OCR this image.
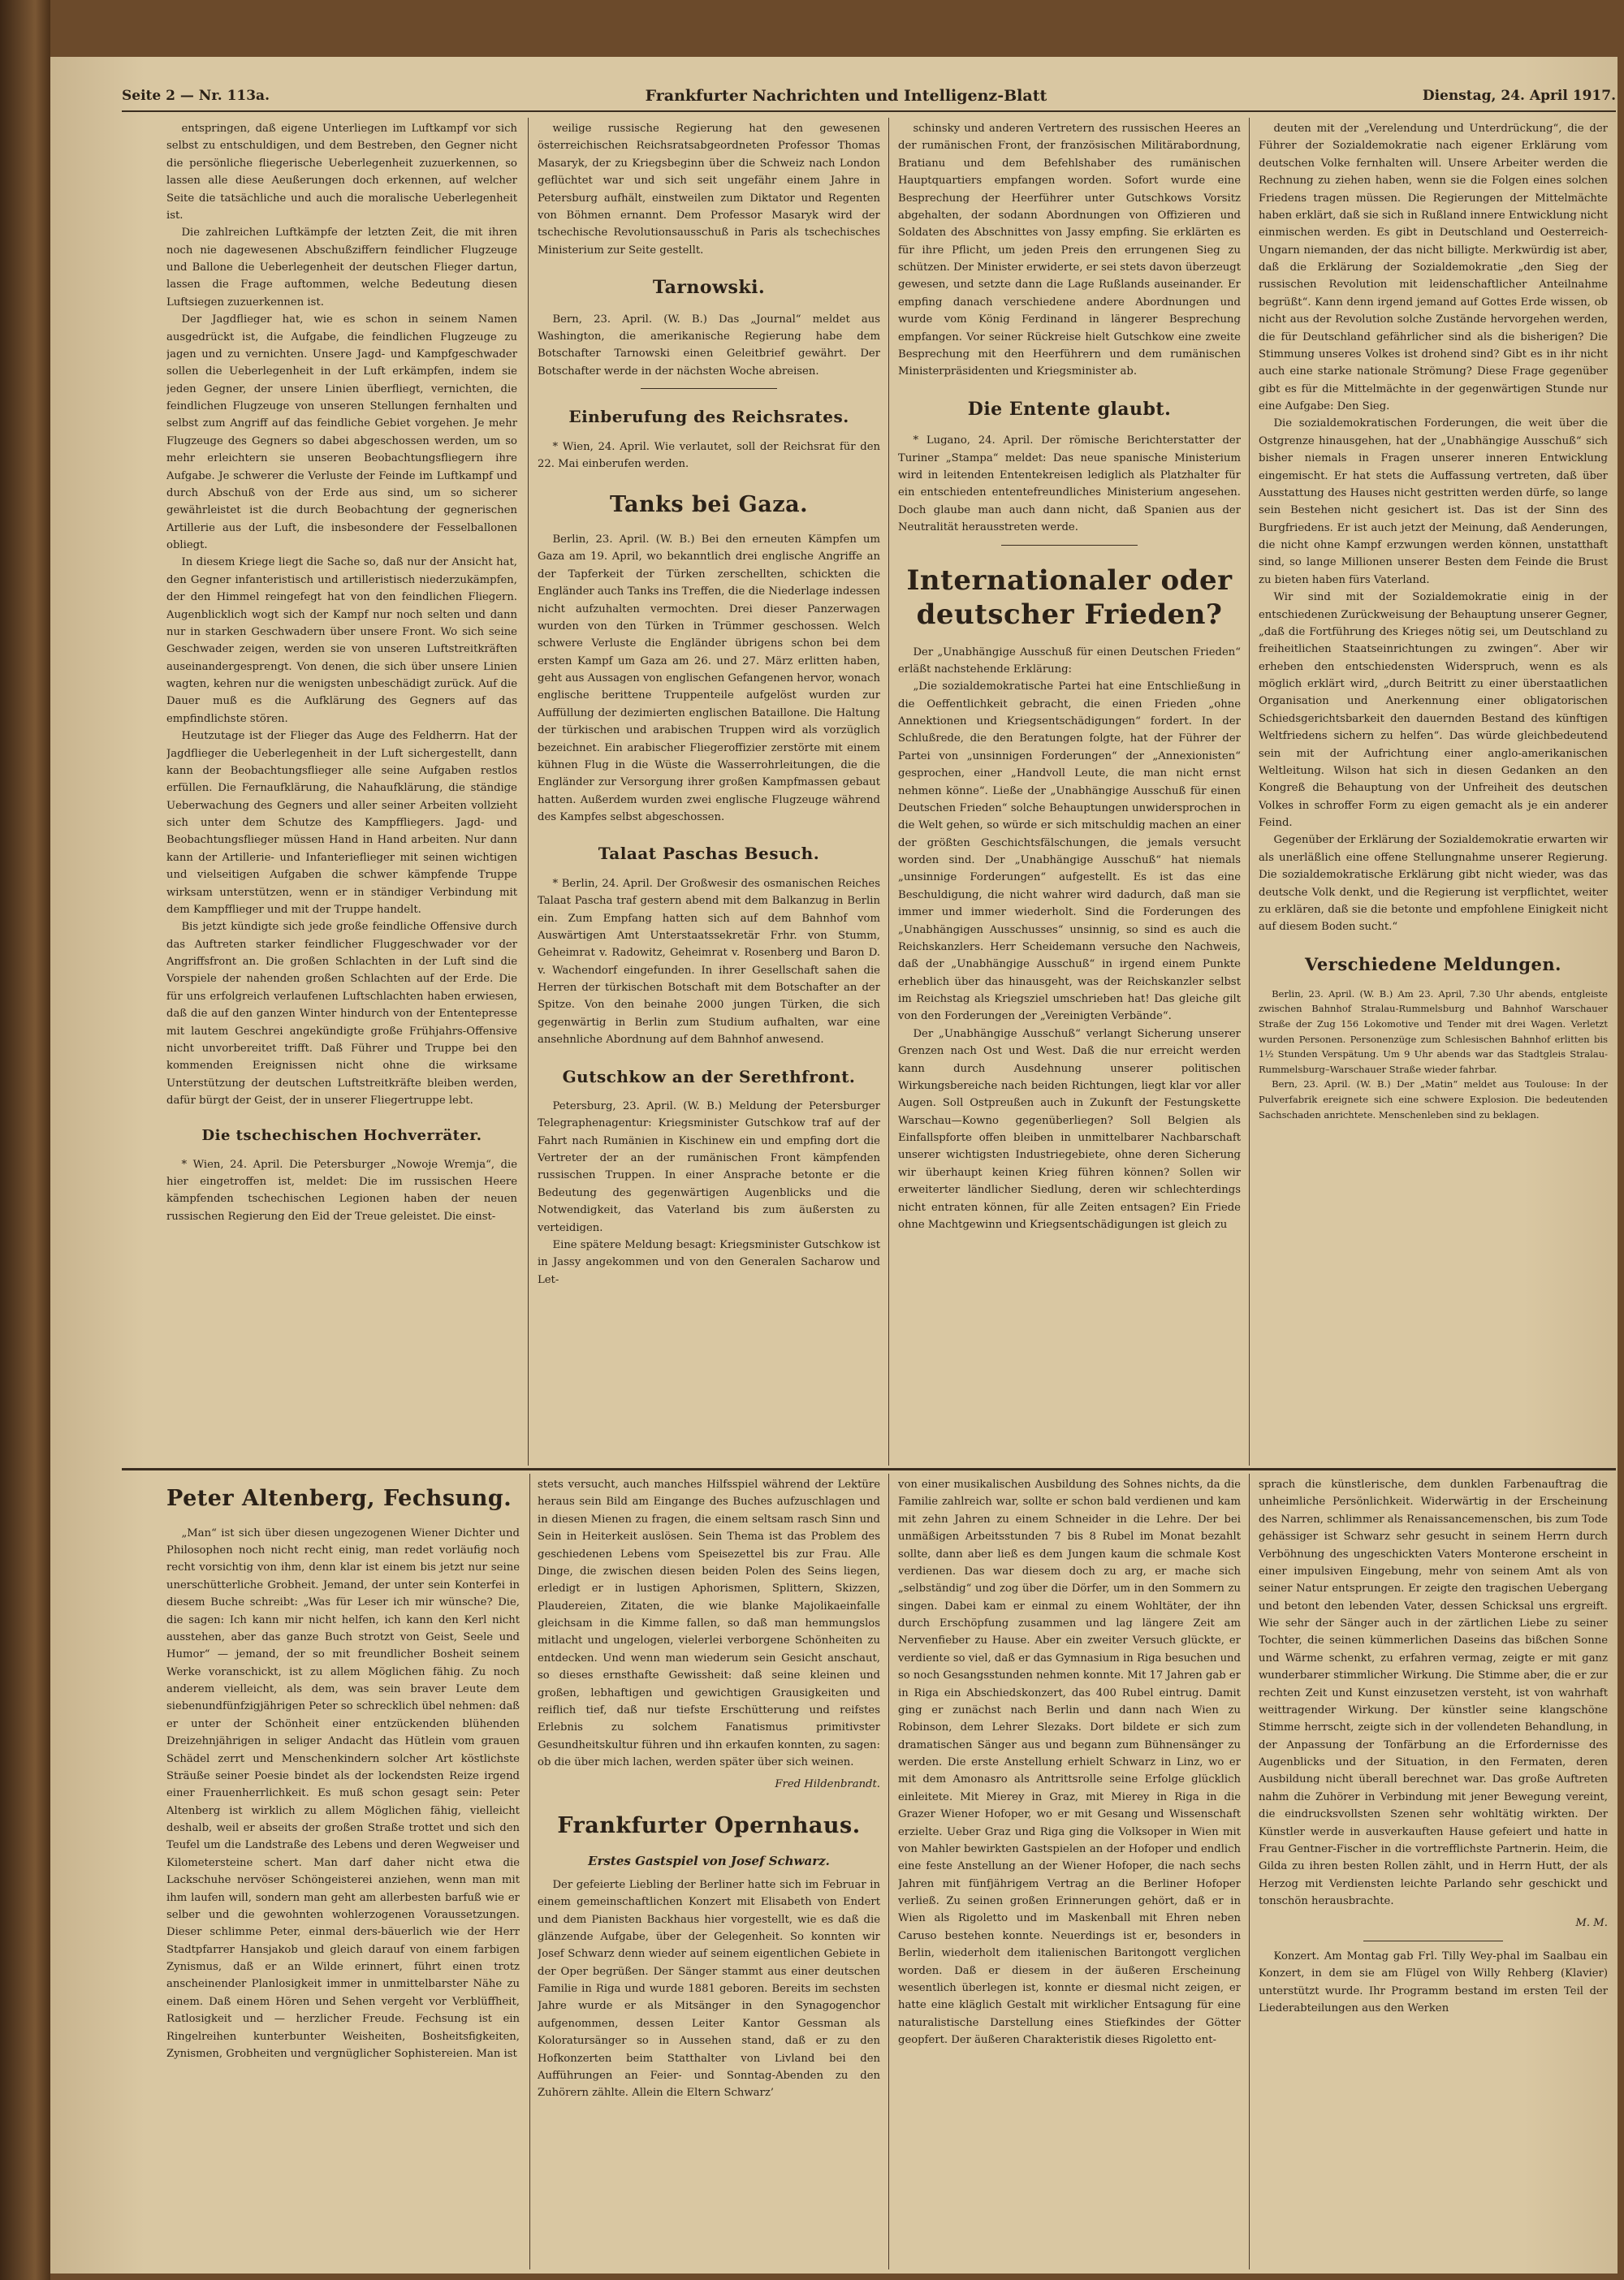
Seite 2 — Nr. 113a.	Frankfurter Nachrichten und Intelligenz-Blatt	Dienstag, 24. April 1917.

entspringen, daß eigene Unterliegen im Luftkampf vor sich selbst zu entschuldigen, und dem Bestreben, den Gegner nicht die persönliche fliegerische Ueberlegenheit zuzuerkennen, so lassen alle diese Aeußerungen doch erkennen, auf welcher Seite die tatsächliche und auch die moralische Ueberlegenheit ist.

Die zahlreichen Luftkämpfe der letzten Zeit, die mit ihren noch nie dagewesenen Abschußziffern feindlicher Flugzeuge und Ballone die Ueberlegenheit der deutschen Flieger dartun, lassen die Frage auftommen, welche Bedeutung diesen Luftsiegen zuzuerkennen ist.

Der Jagdflieger hat, wie es schon in seinem Namen ausgedrückt ist, die Aufgabe, die feindlichen Flugzeuge zu jagen und zu vernichten. Unsere Jagd- und Kampfgeschwader sollen die Ueberlegenheit in der Luft erkämpfen, indem sie jeden Gegner, der unsere Linien überfliegt, vernichten, die feindlichen Flugzeuge von unseren Stellungen fernhalten und selbst zum Angriff auf das feindliche Gebiet vorgehen. Je mehr Flugzeuge des Gegners so dabei abgeschossen werden, um so mehr erleichtern sie unseren Beobachtungsfliegern ihre Aufgabe. Je schwerer die Verluste der Feinde im Luftkampf und durch Abschuß von der Erde aus sind, um so sicherer gewährleistet ist die durch Beobachtung der gegnerischen Artillerie aus der Luft, die insbesondere der Fesselballonen obliegt.

In diesem Kriege liegt die Sache so, daß nur der Ansicht hat, den Gegner infanteristisch und artilleristisch niederzukämpfen, der den Himmel reingefegt hat von den feindlichen Fliegern. Augenblicklich wogt sich der Kampf nur noch selten und dann nur in starken Geschwadern über unsere Front. Wo sich seine Geschwader zeigen, werden sie von unseren Luftstreitkräften auseinandergesprengt. Von denen, die sich über unsere Linien wagten, kehren nur die wenigsten unbeschädigt zurück. Auf die Dauer muß es die Aufklärung des Gegners auf das empfindlichste stören.

Heutzutage ist der Flieger das Auge des Feldherrn. Hat der Jagdflieger die Ueberlegenheit in der Luft sichergestellt, dann kann der Beobachtungsflieger alle seine Aufgaben restlos erfüllen. Die Fernaufklärung, die Nahaufklärung, die ständige Ueberwachung des Gegners und aller seiner Arbeiten vollzieht sich unter dem Schutze des Kampffliegers. Jagd- und Beobachtungsflieger müssen Hand in Hand arbeiten. Nur dann kann der Artillerie- und Infanterieflieger mit seinen wichtigen und vielseitigen Aufgaben die schwer kämpfende Truppe wirksam unterstützen, wenn er in ständiger Verbindung mit dem Kampfflieger und mit der Truppe handelt.

Bis jetzt kündigte sich jede große feindliche Offensive durch das Auftreten starker feindlicher Fluggeschwader vor der Angriffsfront an. Die großen Schlachten in der Luft sind die Vorspiele der nahenden großen Schlachten auf der Erde. Die für uns erfolgreich verlaufenen Luftschlachten haben erwiesen, daß die auf den ganzen Winter hindurch von der Ententepresse mit lautem Geschrei angekündigte große Frühjahrs-Offensive nicht unvorbereitet trifft. Daß Führer und Truppe bei den kommenden Ereignissen nicht ohne die wirksame Unterstützung der deutschen Luftstreitkräfte bleiben werden, dafür bürgt der Geist, der in unserer Fliegertruppe lebt.

Die tschechischen Hochverräter.

* Wien, 24. April. Die Petersburger „Nowoje Wremja“, die hier eingetroffen ist, meldet: Die im russischen Heere kämpfenden tschechischen Legionen haben der neuen russischen Regierung den Eid der Treue geleistet. Die einst-

weilige russische Regierung hat den gewesenen österreichischen Reichsratsabgeordneten Professor Thomas Masaryk, der zu Kriegsbeginn über die Schweiz nach London geflüchtet war und sich seit ungefähr einem Jahre in Petersburg aufhält, einstweilen zum Diktator und Regenten von Böhmen ernannt. Dem Professor Masaryk wird der tschechische Revolutionsausschuß in Paris als tschechisches Ministerium zur Seite gestellt.

Tarnowski.

Bern, 23. April. (W. B.) Das „Journal“ meldet aus Washington, die amerikanische Regierung habe dem Botschafter Tarnowski einen Geleitbrief gewährt. Der Botschafter werde in der nächsten Woche abreisen.

Einberufung des Reichsrates.

* Wien, 24. April. Wie verlautet, soll der Reichsrat für den 22. Mai einberufen werden.

Tanks bei Gaza.

Berlin, 23. April. (W. B.) Bei den erneuten Kämpfen um Gaza am 19. April, wo bekanntlich drei englische Angriffe an der Tapferkeit der Türken zerschellten, schickten die Engländer auch Tanks ins Treffen, die die Niederlage indessen nicht aufzuhalten vermochten. Drei dieser Panzerwagen wurden von den Türken in Trümmer geschossen. Welch schwere Verluste die Engländer übrigens schon bei dem ersten Kampf um Gaza am 26. und 27. März erlitten haben, geht aus Aussagen von englischen Gefangenen hervor, wonach englische berittene Truppenteile aufgelöst wurden zur Auffüllung der dezimierten englischen Bataillone. Die Haltung der türkischen und arabischen Truppen wird als vorzüglich bezeichnet. Ein arabischer Fliegeroffizier zerstörte mit einem kühnen Flug in die Wüste die Wasserrohrleitungen, die die Engländer zur Versorgung ihrer großen Kampfmassen gebaut hatten. Außerdem wurden zwei englische Flugzeuge während des Kampfes selbst abgeschossen.

Talaat Paschas Besuch.

* Berlin, 24. April. Der Großwesir des osmanischen Reiches Talaat Pascha traf gestern abend mit dem Balkanzug in Berlin ein. Zum Empfang hatten sich auf dem Bahnhof vom Auswärtigen Amt Unterstaatssekretär Frhr. von Stumm, Geheimrat v. Radowitz, Geheimrat v. Rosenberg und Baron D. v. Wachendorf eingefunden. In ihrer Gesellschaft sahen die Herren der türkischen Botschaft mit dem Botschafter an der Spitze. Von den beinahe 2000 jungen Türken, die sich gegenwärtig in Berlin zum Studium aufhalten, war eine ansehnliche Abordnung auf dem Bahnhof anwesend.

Gutschkow an der Serethfront.

Petersburg, 23. April. (W. B.) Meldung der Petersburger Telegraphenagentur: Kriegsminister Gutschkow traf auf der Fahrt nach Rumänien in Kischinew ein und empfing dort die Vertreter der an der rumänischen Front kämpfenden russischen Truppen. In einer Ansprache betonte er die Bedeutung des gegenwärtigen Augenblicks und die Notwendigkeit, das Vaterland bis zum äußersten zu verteidigen.

Eine spätere Meldung besagt: Kriegsminister Gutschkow ist in Jassy angekommen und von den Generalen Sacharow und Let-

schinsky und anderen Vertretern des russischen Heeres an der rumänischen Front, der französischen Militärabordnung, Bratianu und dem Befehlshaber des rumänischen Hauptquartiers empfangen worden. Sofort wurde eine Besprechung der Heerführer unter Gutschkows Vorsitz abgehalten, der sodann Abordnungen von Offizieren und Soldaten des Abschnittes von Jassy empfing. Sie erklärten es für ihre Pflicht, um jeden Preis den errungenen Sieg zu schützen. Der Minister erwiderte, er sei stets davon überzeugt gewesen, und setzte dann die Lage Rußlands auseinander. Er empfing danach verschiedene andere Abordnungen und wurde vom König Ferdinand in längerer Besprechung empfangen. Vor seiner Rückreise hielt Gutschkow eine zweite Besprechung mit den Heerführern und dem rumänischen Ministerpräsidenten und Kriegsminister ab.

Die Entente glaubt.

* Lugano, 24. April. Der römische Berichterstatter der Turiner „Stampa“ meldet: Das neue spanische Ministerium wird in leitenden Ententekreisen lediglich als Platzhalter für ein entschieden ententefreundliches Ministerium angesehen. Doch glaube man auch dann nicht, daß Spanien aus der Neutralität herausstreten werde.

Internationaler oder deutscher Frieden?

Der „Unabhängige Ausschuß für einen Deutschen Frieden“ erläßt nachstehende Erklärung:

„Die sozialdemokratische Partei hat eine Entschließung in die Oeffentlichkeit gebracht, die einen Frieden „ohne Annektionen und Kriegsentschädigungen“ fordert. In der Schlußrede, die den Beratungen folgte, hat der Führer der Partei von „unsinnigen Forderungen“ der „Annexionisten“ gesprochen, einer „Handvoll Leute, die man nicht ernst nehmen könne“. Ließe der „Unabhängige Ausschuß für einen Deutschen Frieden“ solche Behauptungen unwidersprochen in die Welt gehen, so würde er sich mitschuldig machen an einer der größten Geschichtsfälschungen, die jemals versucht worden sind. Der „Unabhängige Ausschuß“ hat niemals „unsinnige Forderungen“ aufgestellt. Es ist das eine Beschuldigung, die nicht wahrer wird dadurch, daß man sie immer und immer wiederholt. Sind die Forderungen des „Unabhängigen Ausschusses“ unsinnig, so sind es auch die Reichskanzlers. Herr Scheidemann versuche den Nachweis, daß der „Unabhängige Ausschuß“ in irgend einem Punkte erheblich über das hinausgeht, was der Reichskanzler selbst im Reichstag als Kriegsziel umschrieben hat! Das gleiche gilt von den Forderungen der „Vereinigten Verbände“.

Der „Unabhängige Ausschuß“ verlangt Sicherung unserer Grenzen nach Ost und West. Daß die nur erreicht werden kann durch Ausdehnung unserer politischen Wirkungsbereiche nach beiden Richtungen, liegt klar vor aller Augen. Soll Ostpreußen auch in Zukunft der Festungskette Warschau—Kowno gegenüberliegen? Soll Belgien als Einfallspforte offen bleiben in unmittelbarer Nachbarschaft unserer wichtigsten Industriegebiete, ohne deren Sicherung wir überhaupt keinen Krieg führen können? Sollen wir erweiterter ländlicher Siedlung, deren wir schlechterdings nicht entraten können, für alle Zeiten entsagen? Ein Friede ohne Machtgewinn und Kriegsentschädigungen ist gleich zu

deuten mit der „Verelendung und Unterdrückung“, die der Führer der Sozialdemokratie nach eigener Erklärung vom deutschen Volke fernhalten will. Unsere Arbeiter werden die Rechnung zu ziehen haben, wenn sie die Folgen eines solchen Friedens tragen müssen. Die Regierungen der Mittelmächte haben erklärt, daß sie sich in Rußland innere Entwicklung nicht einmischen werden. Es gibt in Deutschland und Oesterreich-Ungarn niemanden, der das nicht billigte. Merkwürdig ist aber, daß die Erklärung der Sozialdemokratie „den Sieg der russischen Revolution mit leidenschaftlicher Anteilnahme begrüßt“. Kann denn irgend jemand auf Gottes Erde wissen, ob nicht aus der Revolution solche Zustände hervorgehen werden, die für Deutschland gefährlicher sind als die bisherigen? Die Stimmung unseres Volkes ist drohend sind? Gibt es in ihr nicht auch eine starke nationale Strömung? Diese Frage gegenüber gibt es für die Mittelmächte in der gegenwärtigen Stunde nur eine Aufgabe: Den Sieg.

Die sozialdemokratischen Forderungen, die weit über die Ostgrenze hinausgehen, hat der „Unabhängige Ausschuß“ sich bisher niemals in Fragen unserer inneren Entwicklung eingemischt. Er hat stets die Auffassung vertreten, daß über Ausstattung des Hauses nicht gestritten werden dürfe, so lange sein Bestehen nicht gesichert ist. Das ist der Sinn des Burgfriedens. Er ist auch jetzt der Meinung, daß Aenderungen, die nicht ohne Kampf erzwungen werden können, unstatthaft sind, so lange Millionen unserer Besten dem Feinde die Brust zu bieten haben fürs Vaterland.

Wir sind mit der Sozialdemokratie einig in der entschiedenen Zurückweisung der Behauptung unserer Gegner, „daß die Fortführung des Krieges nötig sei, um Deutschland zu freiheitlichen Staatseinrichtungen zu zwingen“. Aber wir erheben den entschiedensten Widerspruch, wenn es als möglich erklärt wird, „durch Beitritt zu einer überstaatlichen Organisation und Anerkennung einer obligatorischen Schiedsgerichtsbarkeit den dauernden Bestand des künftigen Weltfriedens sichern zu helfen“. Das würde gleichbedeutend sein mit der Aufrichtung einer anglo-amerikanischen Weltleitung. Wilson hat sich in diesen Gedanken an den Kongreß die Behauptung von der Unfreiheit des deutschen Volkes in schroffer Form zu eigen gemacht als je ein anderer Feind.

Gegenüber der Erklärung der Sozialdemokratie erwarten wir als unerläßlich eine offene Stellungnahme unserer Regierung. Die sozialdemokratische Erklärung gibt nicht wieder, was das deutsche Volk denkt, und die Regierung ist verpflichtet, weiter zu erklären, daß sie die betonte und empfohlene Einigkeit nicht auf diesem Boden sucht.“

Verschiedene Meldungen.

Berlin, 23. April. (W. B.) Am 23. April, 7.30 Uhr abends, entgleiste zwischen Bahnhof Stralau-Rummelsburg und Bahnhof Warschauer Straße der Zug 156 Lokomotive und Tender mit drei Wagen. Verletzt wurden Personen. Personenzüge zum Schlesischen Bahnhof erlitten bis 1½ Stunden Verspätung. Um 9 Uhr abends war das Stadtgleis Stralau-Rummelsburg–Warschauer Straße wieder fahrbar.

Bern, 23. April. (W. B.) Der „Matin“ meldet aus Toulouse: In der Pulverfabrik ereignete sich eine schwere Explosion. Die bedeutenden Sachschaden anrichtete. Menschenleben sind zu beklagen.

Peter Altenberg, Fechsung.

„Man“ ist sich über diesen ungezogenen Wiener Dichter und Philosophen noch nicht recht einig, man redet vorläufig noch recht vorsichtig von ihm, denn klar ist einem bis jetzt nur seine unerschütterliche Grobheit. Jemand, der unter sein Konterfei in diesem Buche schreibt: „Was für Leser ich mir wünsche? Die, die sagen: Ich kann mir nicht helfen, ich kann den Kerl nicht ausstehen, aber das ganze Buch strotzt von Geist, Seele und Humor“ — jemand, der so mit freundlicher Bosheit seinem Werke voranschickt, ist zu allem Möglichen fähig. Zu noch anderem vielleicht, als dem, was sein braver Leute dem siebenundfünfzigjährigen Peter so schrecklich übel nehmen: daß er unter der Schönheit einer entzückenden blühenden Dreizehnjährigen in seliger Andacht das Hütlein vom grauen Schädel zerrt und Menschenkindern solcher Art köstlichste Sträuße seiner Poesie bindet als der lockendsten Reize irgend einer Frauenherrlichkeit. Es muß schon gesagt sein: Peter Altenberg ist wirklich zu allem Möglichen fähig, vielleicht deshalb, weil er abseits der großen Straße trottet und sich den Teufel um die Landstraße des Lebens und deren Wegweiser und Kilometersteine schert. Man darf daher nicht etwa die Lackschuhe nervöser Schöngeisterei anziehen, wenn man mit ihm laufen will, sondern man geht am allerbesten barfuß wie er selber und die gewohnten wohlerzogenen Voraussetzungen. Dieser schlimme Peter, einmal ders-bäuerlich wie der Herr Stadtpfarrer Hansjakob und gleich darauf von einem farbigen Zynismus, daß er an Wilde erinnert, führt einen trotz anscheinender Planlosigkeit immer in unmittelbarster Nähe zu einem. Daß einem Hören und Sehen vergeht vor Verblüffheit, Ratlosigkeit und — herzlicher Freude. Fechsung ist ein Ringelreihen kunterbunter Weisheiten, Bosheitsfigkeiten, Zynismen, Grobheiten und vergnüglicher Sophistereien. Man ist

stets versucht, auch manches Hilfsspiel während der Lektüre heraus sein Bild am Eingange des Buches aufzuschlagen und in diesen Mienen zu fragen, die einem seltsam rasch Sinn und Sein in Heiterkeit auslösen. Sein Thema ist das Problem des geschiedenen Lebens vom Speisezettel bis zur Frau. Alle Dinge, die zwischen diesen beiden Polen des Seins liegen, erledigt er in lustigen Aphorismen, Splittern, Skizzen, Plaudereien, Zitaten, die wie blanke Majolikaeinfalle gleichsam in die Kimme fallen, so daß man hemmungslos mitlacht und ungelogen, vielerlei verborgene Schönheiten zu entdecken. Und wenn man wiederum sein Gesicht anschaut, so dieses ernsthafte Gewissheit: daß seine kleinen und großen, lebhaftigen und gewichtigen Grausigkeiten und reiflich tief, daß nur tiefste Erschütterung und reifstes Erlebnis zu solchem Fanatismus primitivster Gesundheitskultur führen und ihn erkaufen konnten, zu sagen: ob die über mich lachen, werden später über sich weinen.

Fred Hildenbrandt.
Frankfurter Opernhaus.
Erstes Gastspiel von Josef Schwarz.

Der gefeierte Liebling der Berliner hatte sich im Februar in einem gemeinschaftlichen Konzert mit Elisabeth von Endert und dem Pianisten Backhaus hier vorgestellt, wie es daß die glänzende Aufgabe, über der Gelegenheit. So konnten wir Josef Schwarz denn wieder auf seinem eigentlichen Gebiete in der Oper begrüßen. Der Sänger stammt aus einer deutschen Familie in Riga und wurde 1881 geboren. Bereits im sechsten Jahre wurde er als Mitsänger in den Synagogenchor aufgenommen, dessen Leiter Kantor Gessman als Koloratursänger so in Aussehen stand, daß er zu den Hofkonzerten beim Statthalter von Livland bei den Aufführungen an Feier- und Sonntag-Abenden zu den Zuhörern zählte. Allein die Eltern Schwarz’

von einer musikalischen Ausbildung des Sohnes nichts, da die Familie zahlreich war, sollte er schon bald verdienen und kam mit zehn Jahren zu einem Schneider in die Lehre. Der bei unmäßigen Arbeitsstunden 7 bis 8 Rubel im Monat bezahlt sollte, dann aber ließ es dem Jungen kaum die schmale Kost verdienen. Das war diesem doch zu arg, er mache sich „selbständig“ und zog über die Dörfer, um in den Sommern zu singen. Dabei kam er einmal zu einem Wohltäter, der ihn durch Erschöpfung zusammen und lag längere Zeit am Nervenfieber zu Hause. Aber ein zweiter Versuch glückte, er verdiente so viel, daß er das Gymnasium in Riga besuchen und so noch Gesangsstunden nehmen konnte. Mit 17 Jahren gab er in Riga ein Abschiedskonzert, das 400 Rubel eintrug. Damit ging er zunächst nach Berlin und dann nach Wien zu Robinson, dem Lehrer Slezaks. Dort bildete er sich zum dramatischen Sänger aus und begann zum Bühnensänger zu werden. Die erste Anstellung erhielt Schwarz in Linz, wo er mit dem Amonasro als Antrittsrolle seine Erfolge glücklich einleitete. Mit Mierey in Graz, mit Mierey in Riga in die Grazer Wiener Hofoper, wo er mit Gesang und Wissenschaft erzielte. Ueber Graz und Riga ging die Volksoper in Wien mit von Mahler bewirkten Gastspielen an der Hofoper und endlich eine feste Anstellung an der Wiener Hofoper, die nach sechs Jahren mit fünfjährigem Vertrag an die Berliner Hofoper verließ. Zu seinen großen Erinnerungen gehört, daß er in Wien als Rigoletto und im Maskenball mit Ehren neben Caruso bestehen konnte. Neuerdings ist er, besonders in Berlin, wiederholt dem italienischen Baritongott verglichen worden. Daß er diesem in der äußeren Erscheinung wesentlich überlegen ist, konnte er diesmal nicht zeigen, er hatte eine kläglich Gestalt mit wirklicher Entsagung für eine naturalistische Darstellung eines Stiefkindes der Götter geopfert. Der äußeren Charakteristik dieses Rigoletto ent-

sprach die künstlerische, dem dunklen Farbenauftrag die unheimliche Persönlichkeit. Widerwärtig in der Erscheinung des Narren, schlimmer als Renaissancemenschen, bis zum Tode gehässiger ist Schwarz sehr gesucht in seinem Herrn durch Verböhnung des ungeschickten Vaters Monterone erscheint in einer impulsiven Eingebung, mehr von seinem Amt als von seiner Natur entsprungen. Er zeigte den tragischen Uebergang und betont den lebenden Vater, dessen Schicksal uns ergreift. Wie sehr der Sänger auch in der zärtlichen Liebe zu seiner Tochter, die seinen kümmerlichen Daseins das bißchen Sonne und Wärme schenkt, zu erfahren vermag, zeigte er mit ganz wunderbarer stimmlicher Wirkung. Die Stimme aber, die er zur rechten Zeit und Kunst einzusetzen versteht, ist von wahrhaft weittragender Wirkung. Der künstler seine klangschöne Stimme herrscht, zeigte sich in der vollendeten Behandlung, in der Anpassung der Tonfärbung an die Erfordernisse des Augenblicks und der Situation, in den Fermaten, deren Ausbildung nicht überall berechnet war. Das große Auftreten nahm die Zuhörer in Verbindung mit jener Bewegung vereint, die eindrucksvollsten Szenen sehr wohltätig wirkten. Der Künstler werde in ausverkauften Hause gefeiert und hatte in Frau Gentner-Fischer in die vortrefflichste Partnerin. Heim, die Gilda zu ihren besten Rollen zählt, und in Herrn Hutt, der als Herzog mit Verdiensten leichte Parlando sehr geschickt und tonschön herausbrachte.

M. M.

Konzert. Am Montag gab Frl. Tilly Wey-phal im Saalbau ein Konzert, in dem sie am Flügel von Willy Rehberg (Klavier) unterstützt wurde. Ihr Programm bestand im ersten Teil der Liederabteilungen aus den Werken
